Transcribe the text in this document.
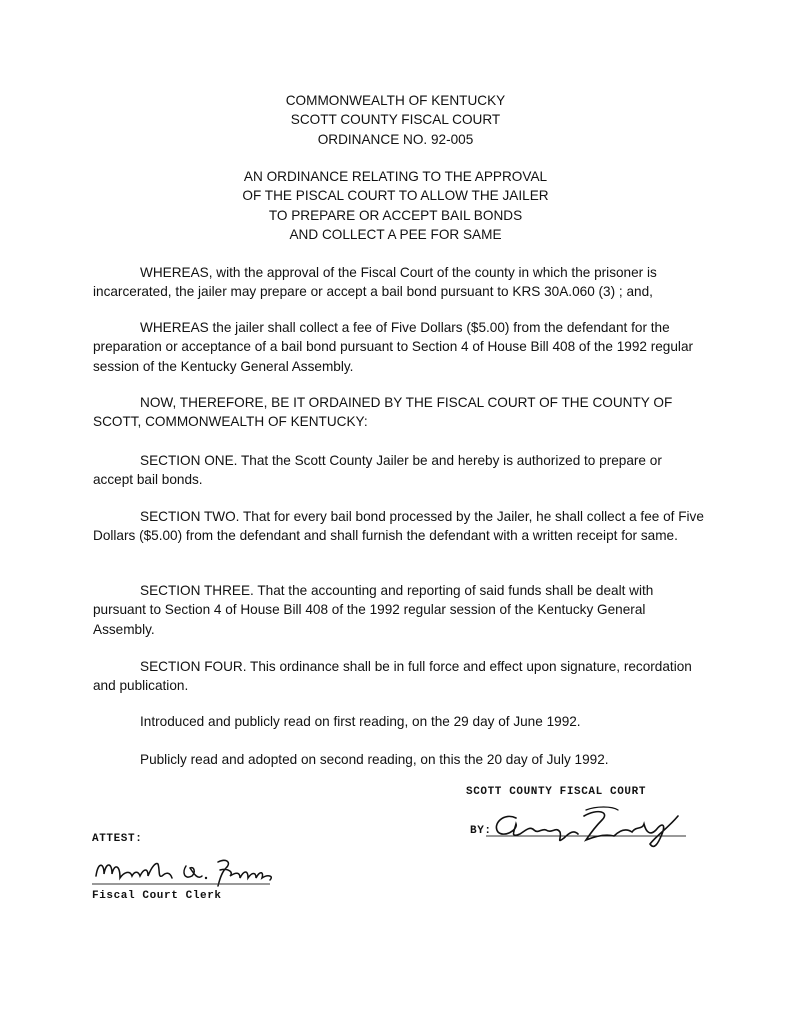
COMMONWEALTH OF KENTUCKY
SCOTT COUNTY FISCAL COURT
ORDINANCE NO. 92-005
AN ORDINANCE RELATING TO THE APPROVAL
OF THE PISCAL COURT TO ALLOW THE JAILER
TO PREPARE OR ACCEPT BAIL BONDS
AND COLLECT A PEE FOR SAME
WHEREAS, with the approval of the Fiscal Court of the county in which the prisoner is incarcerated, the jailer may prepare or accept a bail bond pursuant to KRS 30A.060 (3) ; and,
WHEREAS the jailer shall collect a fee of Five Dollars ($5.00) from the defendant for the preparation or acceptance of a bail bond pursuant to Section 4 of House Bill 408 of the 1992 regular session of the Kentucky General Assembly.
NOW, THEREFORE, BE IT ORDAINED BY THE FISCAL COURT OF THE COUNTY OF SCOTT, COMMONWEALTH OF KENTUCKY:
SECTION ONE. That the Scott County Jailer be and hereby is authorized to prepare or accept bail bonds.
SECTION TWO. That for every bail bond processed by the Jailer, he shall collect a fee of Five Dollars ($5.00) from the defendant and shall furnish the defendant with a written receipt for same.
SECTION THREE. That the accounting and reporting of said funds shall be dealt with pursuant to Section 4 of House Bill 408 of the 1992 regular session of the Kentucky General Assembly.
SECTION FOUR. This ordinance shall be in full force and effect upon signature, recordation and publication.
Introduced and publicly read on first reading, on the 29 day of June 1992.
Publicly read and adopted on second reading, on this the 20 day of July 1992.
SCOTT COUNTY FISCAL COURT
BY:
ATTEST:
Fiscal Court Clerk
